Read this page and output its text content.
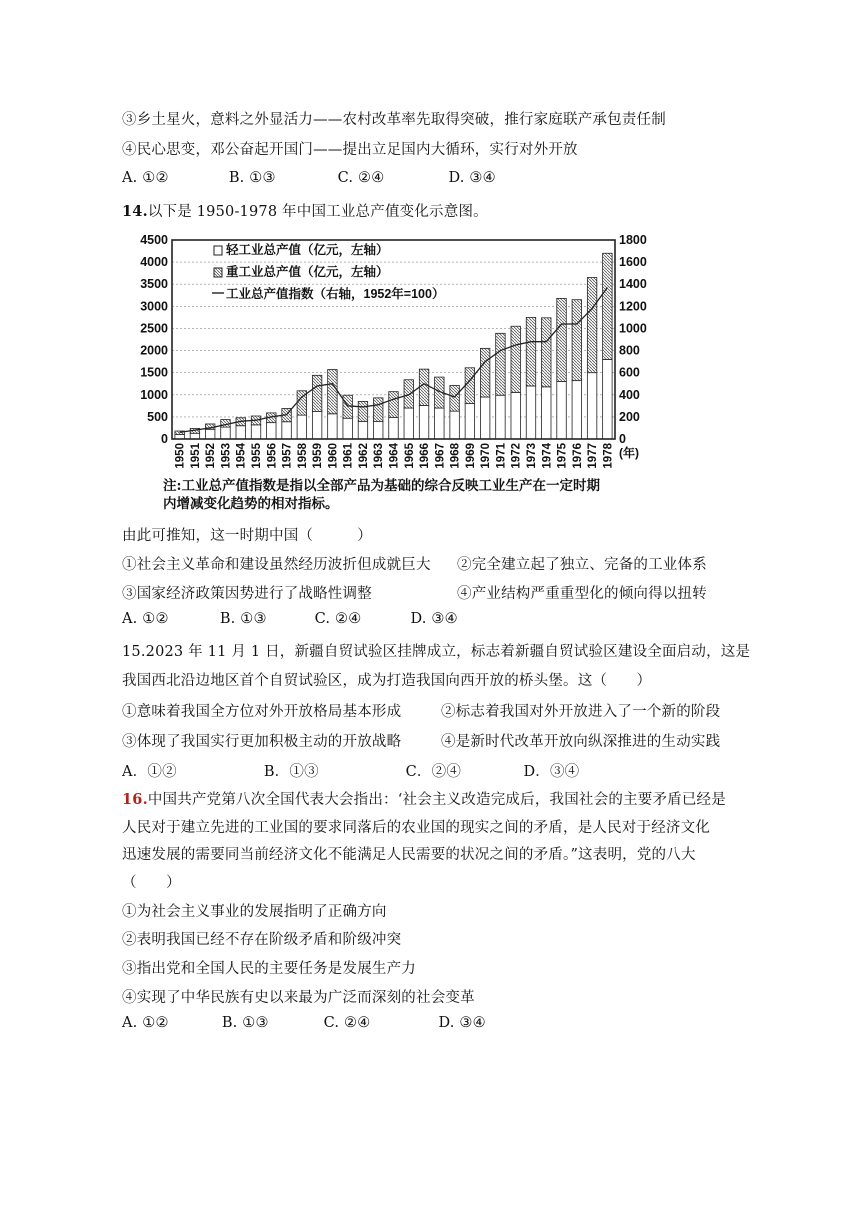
③乡土星火，意料之外显活力——农村改革率先取得突破，推行家庭联产承包责任制
④民心思变，邓公奋起开国门——提出立足国内大循环，实行对外开放
A. ①②	B. ①③	C. ②④	D. ③④
14.以下是 1950-1978 年中国工业总产值变化示意图。
0
500
1000
1500
2000
2500
3000
3500
4000
4500
0
200
400
600
800
1000
1200
1400
1600
1800
1950 1951 1952 1953 1954 1955 1956 1957 1958 1959 1960 1961 1962 1963 1964 1965 1966 1967 1968 1969 1970 1971 1972 1973 1974 1975 1976 1977 1978 (年)
轻工业总产值（亿元，左轴）
重工业总产值（亿元，左轴）
工业总产值指数（右轴，1952年=100）
注:工业总产值指数是指以全部产品为基础的综合反映工业生产在一定时期
内增减变化趋势的相对指标。
由此可推知，这一时期中国（　　　）
①社会主义革命和建设虽然经历波折但成就巨大 ②完全建立起了独立、完备的工业体系
③国家经济政策因势进行了战略性调整	④产业结构严重重型化的倾向得以扭转
A. ①②	B. ①③	C. ②④	D. ③④
15.2023 年 11 月 1 日，新疆自贸试验区挂牌成立，标志着新疆自贸试验区建设全面启动，这是
我国西北沿边地区首个自贸试验区，成为打造我国向西开放的桥头堡。这（　　）
①意味着我国全方位对外开放格局基本形成	②标志着我国对外开放进入了一个新的阶段
③体现了我国实行更加积极主动的开放战略	④是新时代改革开放向纵深推进的生动实践
A．①②	B．①③	C．②④	D．③④
16.中国共产党第八次全国代表大会指出：‘社会主义改造完成后，我国社会的主要矛盾已经是
人民对于建立先进的工业国的要求同落后的农业国的现实之间的矛盾，是人民对于经济文化
迅速发展的需要同当前经济文化不能满足人民需要的状况之间的矛盾。”这表明，党的八大
（　　）
①为社会主义事业的发展指明了正确方向
②表明我国已经不存在阶级矛盾和阶级冲突
③指出党和全国人民的主要任务是发展生产力
④实现了中华民族有史以来最为广泛而深刻的社会变革
A. ①②	B. ①③	C. ②④	D. ③④
